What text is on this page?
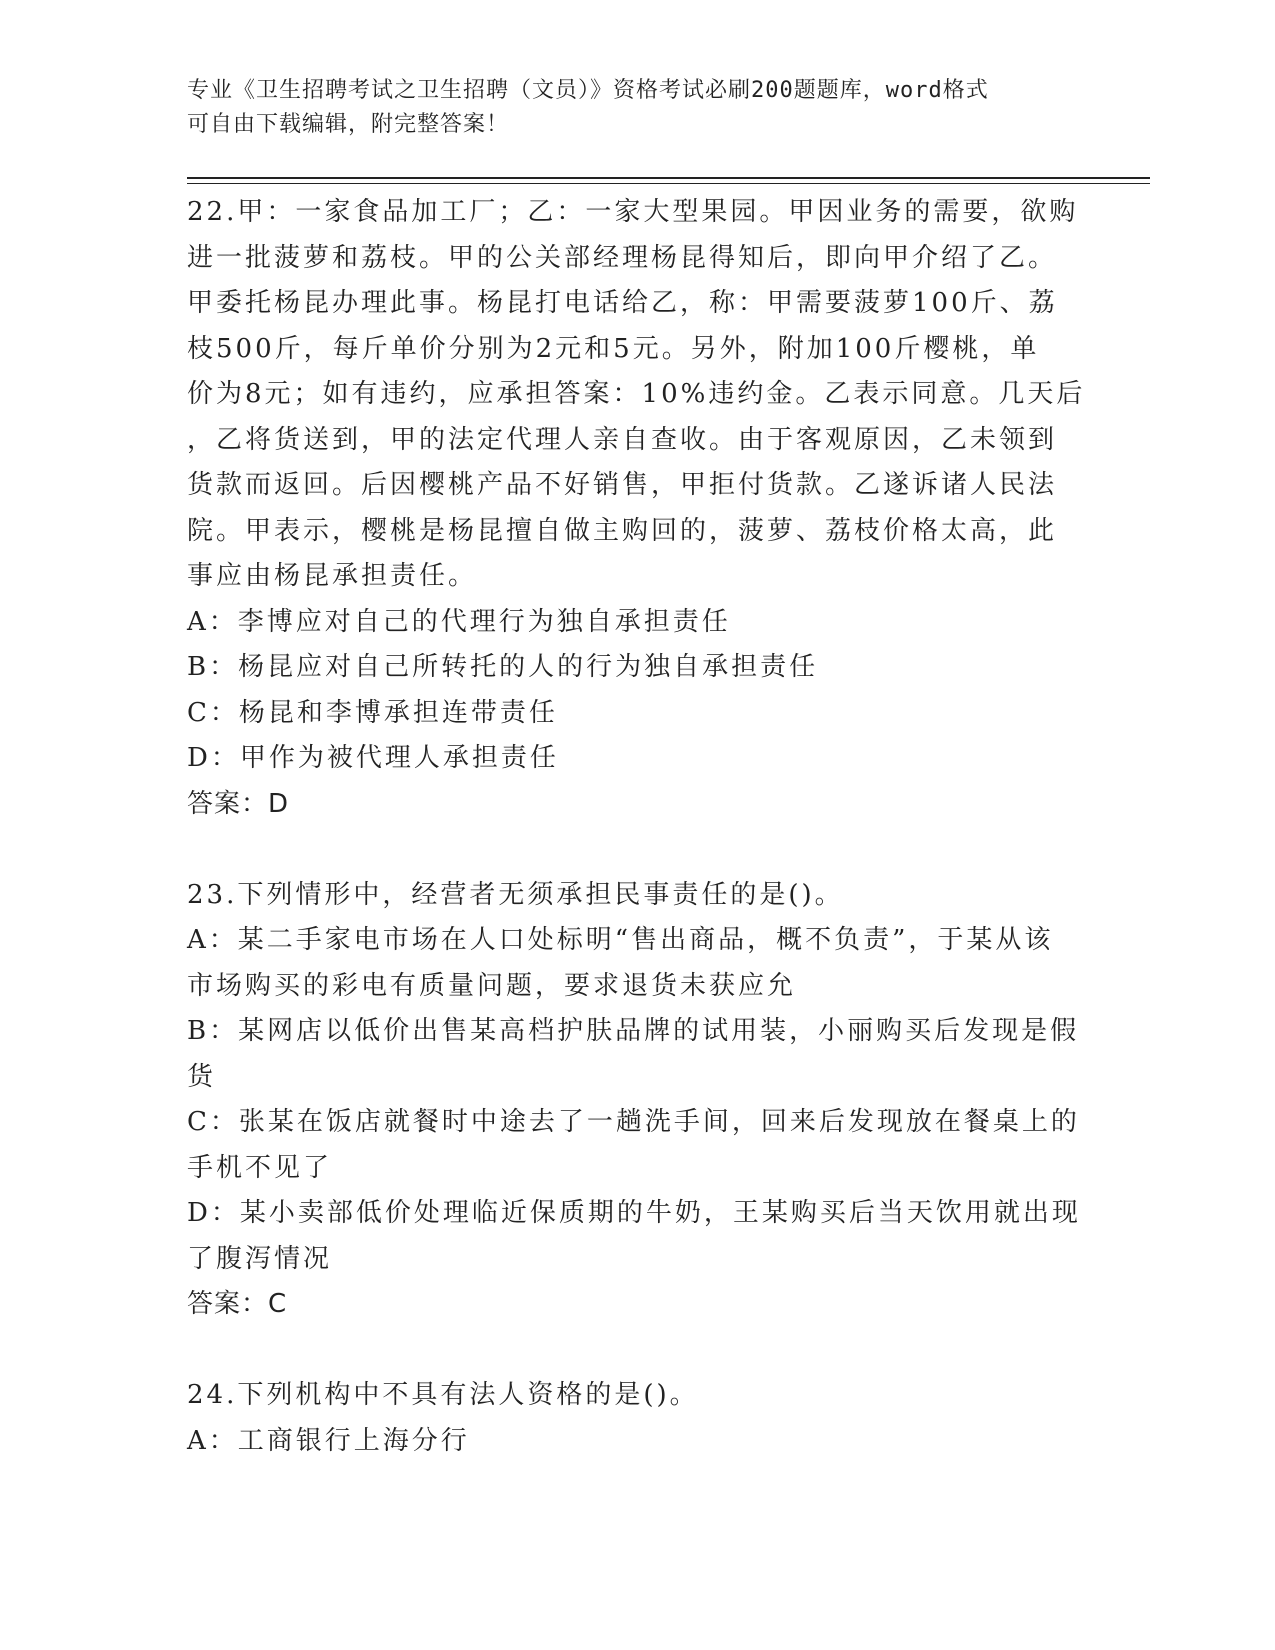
专业《卫生招聘考试之卫生招聘（文员）》资格考试必刷200题题库，word格式
可自由下载编辑，附完整答案！
22.甲：一家食品加工厂；乙：一家大型果园。甲因业务的需要，欲购
进一批菠萝和荔枝。甲的公关部经理杨昆得知后，即向甲介绍了乙。
甲委托杨昆办理此事。杨昆打电话给乙，称：甲需要菠萝100斤、荔
枝500斤，每斤单价分别为2元和5元。另外，附加100斤樱桃，单
价为8元；如有违约，应承担答案：10%违约金。乙表示同意。几天后
，乙将货送到，甲的法定代理人亲自查收。由于客观原因，乙未领到
货款而返回。后因樱桃产品不好销售，甲拒付货款。乙遂诉诸人民法
院。甲表示，樱桃是杨昆擅自做主购回的，菠萝、荔枝价格太高，此
事应由杨昆承担责任。
A：李博应对自己的代理行为独自承担责任
B：杨昆应对自己所转托的人的行为独自承担责任
C：杨昆和李博承担连带责任
D：甲作为被代理人承担责任
答案：D
23.下列情形中，经营者无须承担民事责任的是()。
A：某二手家电市场在人口处标明“售出商品，概不负责”，于某从该
市场购买的彩电有质量问题，要求退货未获应允
B：某网店以低价出售某高档护肤品牌的试用装，小丽购买后发现是假
货
C：张某在饭店就餐时中途去了一趟洗手间，回来后发现放在餐桌上的
手机不见了
D：某小卖部低价处理临近保质期的牛奶，王某购买后当天饮用就出现
了腹泻情况
答案：C
24.下列机构中不具有法人资格的是()。
A：工商银行上海分行
